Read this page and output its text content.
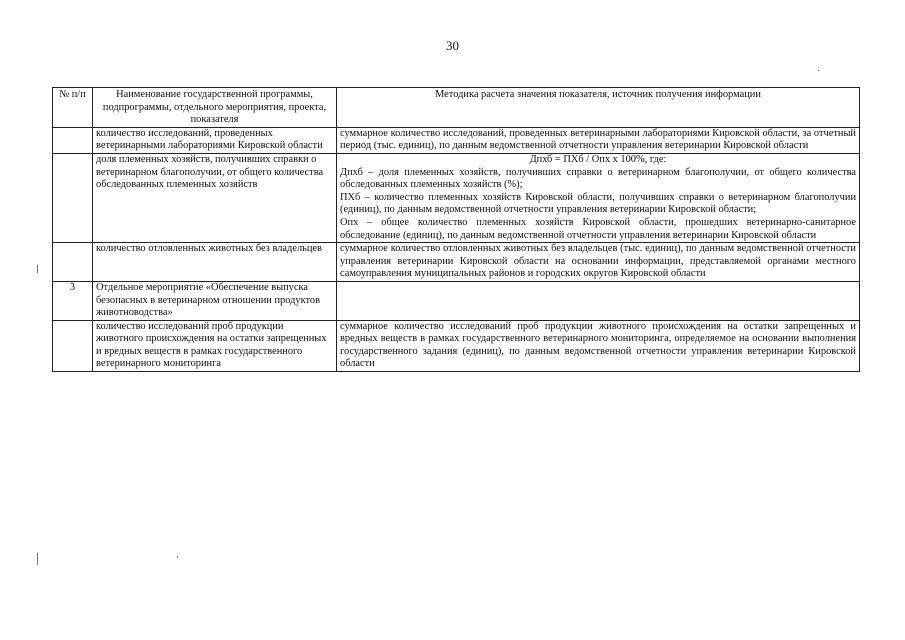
30
№ п/п	Наименование государственной программы, подпрограммы, отдельного мероприятия, проекта, показателя	Методика расчета значения показателя, источник получения информации
	количество исследований, проведенных ветеринарными лабораториями Кировской области	суммарное количество исследований, проведенных ветеринарными лабораториями Кировской области, за отчетный период (тыс. единиц), по данным ведомственной отчетности управления ветеринарии Кировской области
	доля племенных хозяйств, получивших справки о ветеринарном благополучии, от общего количества обследованных племенных хозяйств	Дпхб = ПХб / Опх х 100%, где:
Дпхб – доля племенных хозяйств, получивших справки о ветеринарном благополучии, от общего количества обследованных племенных хозяйств (%);
ПХб – количество племенных хозяйств Кировской области, получивших справки о ветеринарном благополучии (единиц), по данным ведомственной отчетности управления ветеринарии Кировской области;
Опх – общее количество племенных хозяйств Кировской области, прошедших ветеринарно-санитарное обследование (единиц), по данным ведомственной отчетности управления ветеринарии Кировской области

	количество отловленных животных без владельцев	суммарное количество отловленных животных без владельцев (тыс. единиц), по данным ведомственной отчетности управления ветеринарии Кировской области на основании информации, представляемой органами местного самоуправления муниципальных районов и городских округов Кировской области
3	Отдельное мероприятие «Обеспечение выпуска безопасных в ветеринарном отношении продуктов животноводства»	
	количество исследований проб продукции животного происхождения на остатки запрещенных и вредных веществ в рамках государственного ветеринарного мониторинга	суммарное количество исследований проб продукции животного происхождения на остатки запрещенных и вредных веществ в рамках государственного ветеринарного мониторинга, определяемое на основании выполнения государственного задания (единиц), по данным ведомственной отчетности управления ветеринарии Кировской области
